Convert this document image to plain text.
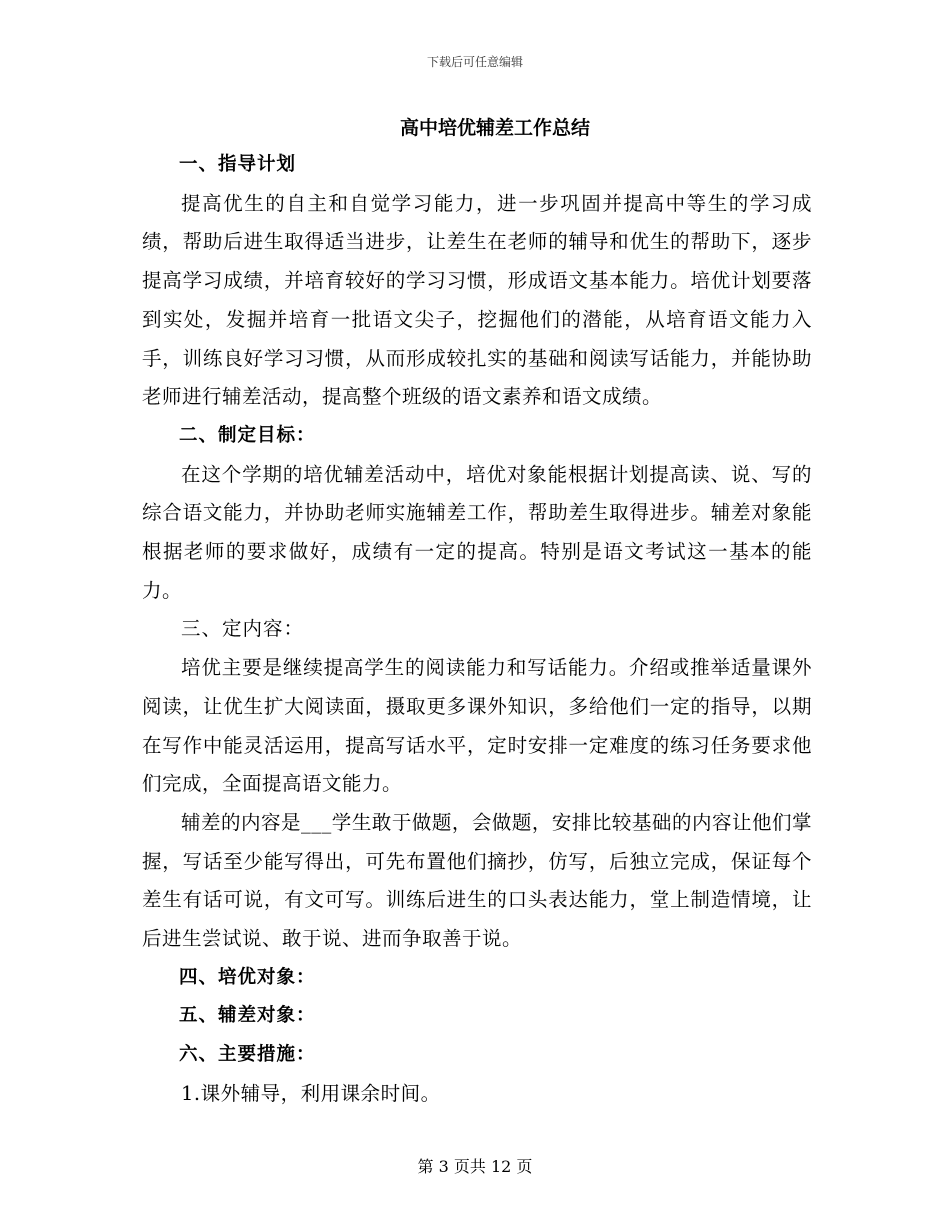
下载后可任意编辑
高中培优辅差工作总结

一、指导计划

提高优生的自主和自觉学习能力，进一步巩固并提高中等生的学习成绩，帮助后进生取得适当进步，让差生在老师的辅导和优生的帮助下，逐步提高学习成绩，并培育较好的学习习惯，形成语文基本能力。培优计划要落到实处，发掘并培育一批语文尖子，挖掘他们的潜能，从培育语文能力入手，训练良好学习习惯，从而形成较扎实的基础和阅读写话能力，并能协助老师进行辅差活动，提高整个班级的语文素养和语文成绩。

二、制定目标：

在这个学期的培优辅差活动中，培优对象能根据计划提高读、说、写的综合语文能力，并协助老师实施辅差工作，帮助差生取得进步。辅差对象能根据老师的要求做好，成绩有一定的提高。特别是语文考试这一基本的能力。

三、定内容：

培优主要是继续提高学生的阅读能力和写话能力。介绍或推举适量课外阅读，让优生扩大阅读面，摄取更多课外知识，多给他们一定的指导，以期在写作中能灵活运用，提高写话水平，定时安排一定难度的练习任务要求他们完成，全面提高语文能力。

辅差的内容是___学生敢于做题，会做题，安排比较基础的内容让他们掌握，写话至少能写得出，可先布置他们摘抄，仿写，后独立完成，保证每个差生有话可说，有文可写。训练后进生的口头表达能力，堂上制造情境，让后进生尝试说、敢于说、进而争取善于说。

四、培优对象：

五、辅差对象：

六、主要措施：

1.课外辅导，利用课余时间。

第 3 页共 12 页
